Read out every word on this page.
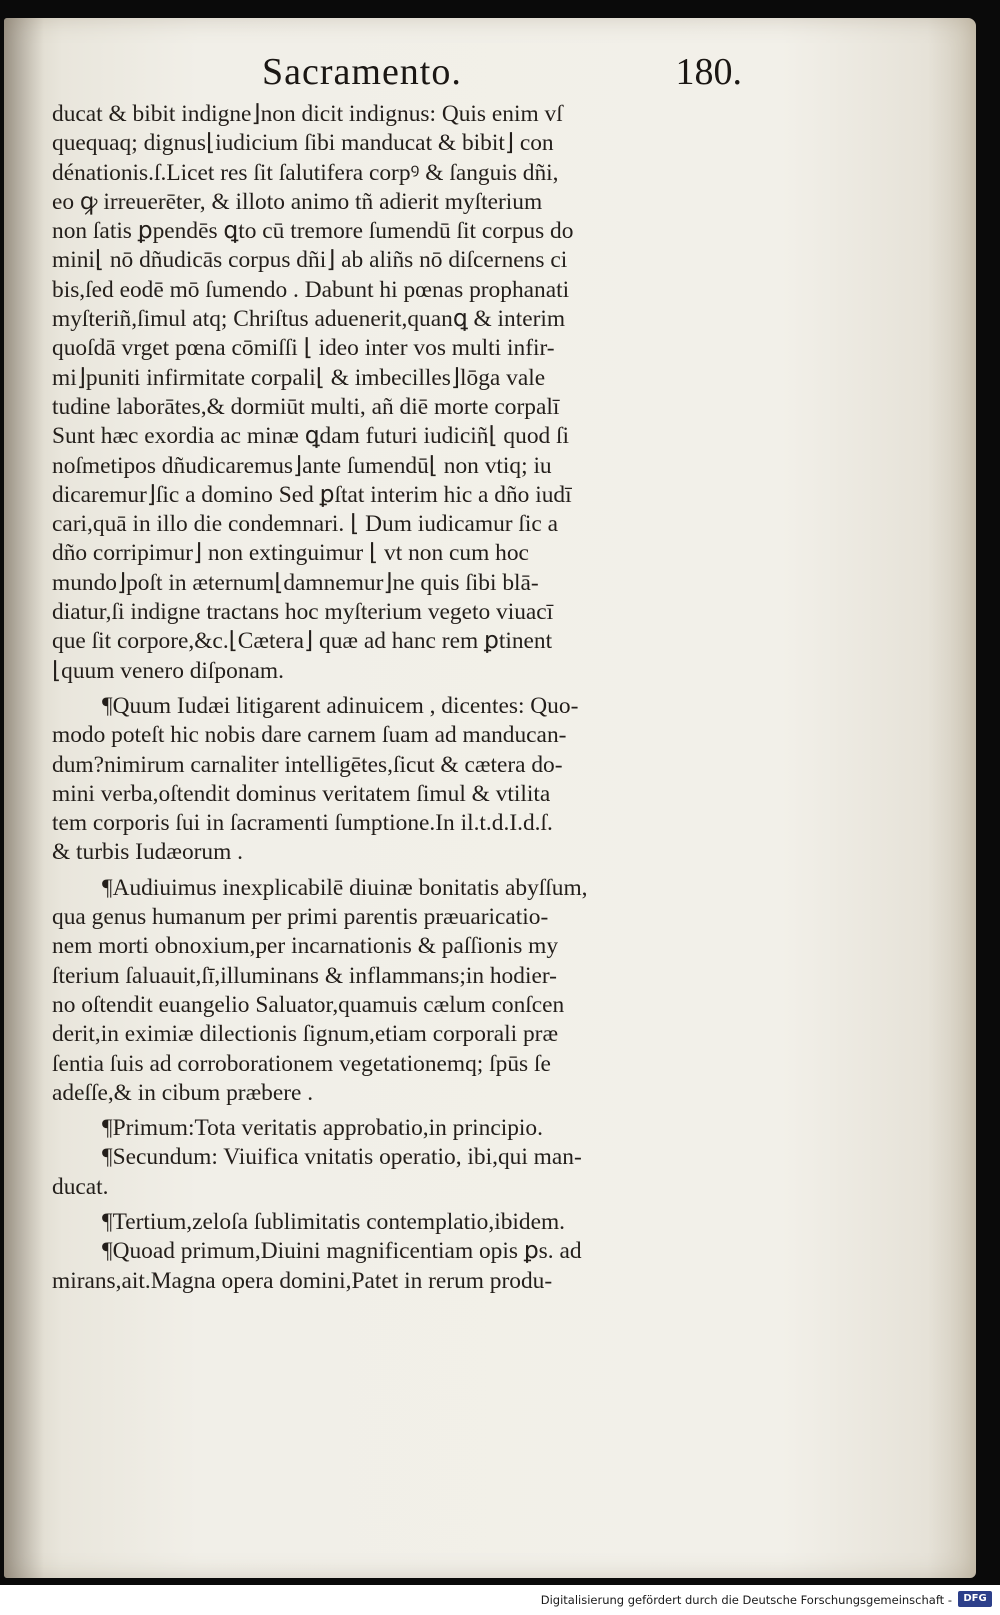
Sacramento.	180.
ducat & bibit indigne⌋non dicit indignus: Quis enim vſ
quequaq; dignus⌊iudicium ſibi manducat & bibit⌋ con
dénationis.ſ.Licet res ſit ſalutifera corpꝰ & ſanguis dñi,
eo ꝙ irreuerēter, & illoto animo tñ adierit myſterium
non ſatis ꝑpendēs ꝗto cū tremore ſumendū ſit corpus do
mini⌊ nō dñudicās corpus dñi⌋ ab aliñs nō diſcernens ci
bis,ſed eodē mō ſumendo . Dabunt hi pœnas prophanati
myſteriñ,ſimul atq; Chriſtus aduenerit,quanꝗ & interim
quoſdā vrget pœna cōmiſſi ⌊ ideo inter vos multi infir-
mi⌋puniti infirmitate corpali⌊ & imbecilles⌋lōga vale
tudine laborātes,& dormiūt multi, añ diē morte corpalī
Sunt hæc exordia ac minæ ꝗdam futuri iudiciñ⌊ quod ſi
noſmetipos dñudicaremus⌋ante ſumendū⌊ non vtiq; iu
dicaremur⌋ſic a domino Sed ꝑſtat interim hic a dño iudī
cari,quā in illo die condemnari. ⌊ Dum iudicamur ſic a
dño corripimur⌋ non extinguimur ⌊ vt non cum hoc
mundo⌋poſt in æternum⌊damnemur⌋ne quis ſibi blā-
diatur,ſi indigne tractans hoc myſterium vegeto viuacī
que ſit corpore,&c.⌊Cætera⌋ quæ ad hanc rem ꝑtinent
⌊quum venero diſponam.
¶Quum Iudæi litigarent adinuicem , dicentes: Quo-
modo poteſt hic nobis dare carnem ſuam ad manducan-
dum?nimirum carnaliter intelligētes,ſicut & cætera do-
mini verba,oſtendit dominus veritatem ſimul & vtilita
tem corporis ſui in ſacramenti ſumptione.In il.t.d.I.d.ſ.
& turbis Iudæorum .
¶Audiuimus inexplicabilē diuinæ bonitatis abyſſum,
qua genus humanum per primi parentis præuaricatio-
nem morti obnoxium,per incarnationis & paſſionis my
ſterium ſaluauit,ſī,illuminans & inflammans;in hodier-
no oſtendit euangelio Saluator,quamuis cælum conſcen
derit,in eximiæ dilectionis ſignum,etiam corporali præ
ſentia ſuis ad corroborationem vegetationemq; ſpūs ſe
adeſſe,& in cibum præbere .
¶Primum:Tota veritatis approbatio,in principio.
¶Secundum: Viuifica vnitatis operatio, ibi,qui man-
ducat.
¶Tertium,zeloſa ſublimitatis contemplatio,ibidem.
¶Quoad primum,Diuini magnificentiam opis ꝑs. ad
mirans,ait.Magna opera domini,Patet in rerum produ-
Digitalisierung gefördert durch die Deutsche Forschungsgemeinschaft -	DFG
